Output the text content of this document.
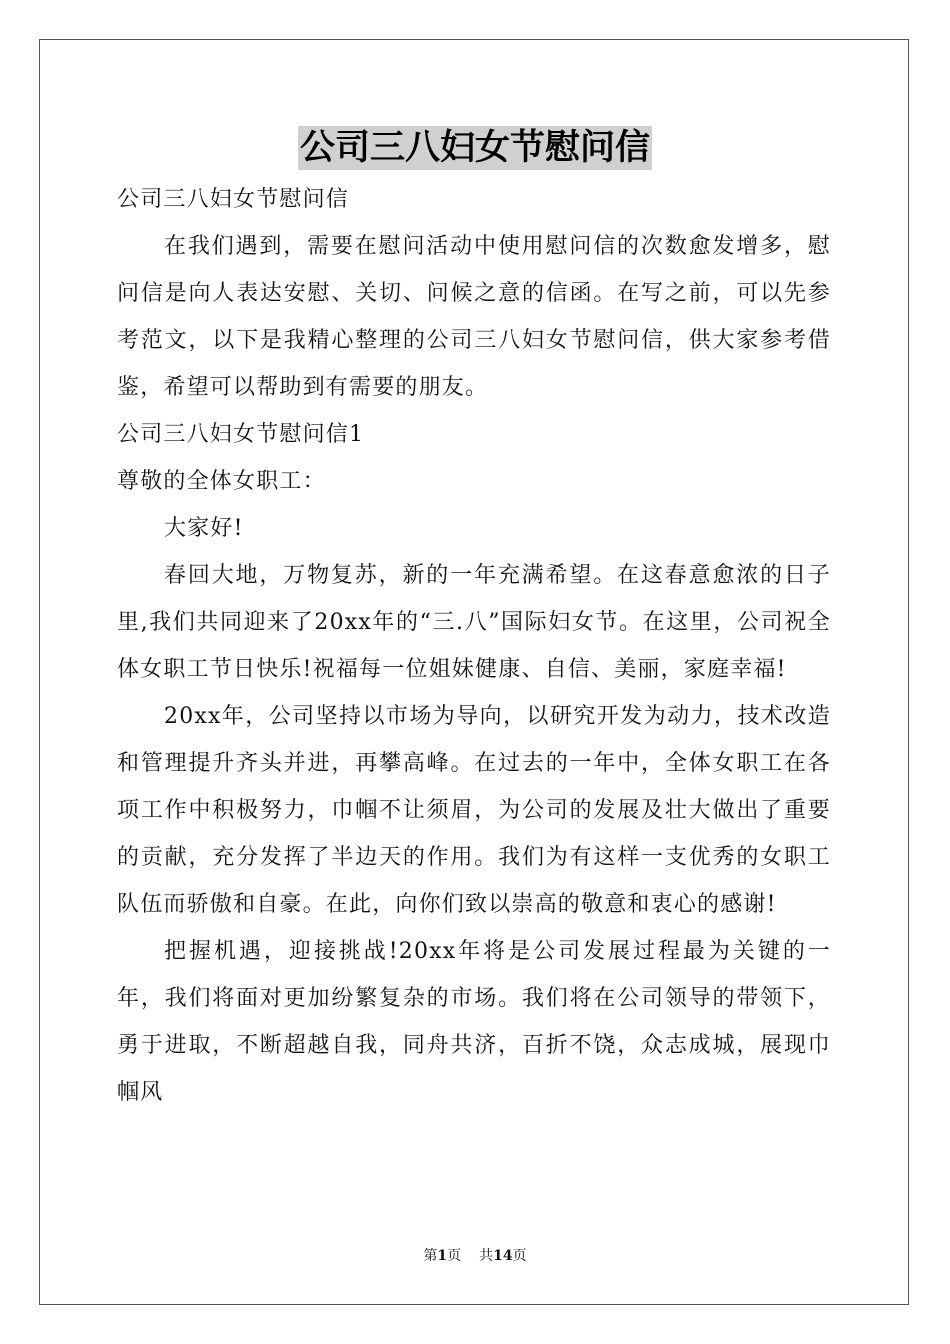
公司三八妇女节慰问信

公司三八妇女节慰问信

在我们遇到，需要在慰问活动中使用慰问信的次数愈发增多，慰问信是向人表达安慰、关切、问候之意的信函。在写之前，可以先参考范文，以下是我精心整理的公司三八妇女节慰问信，供大家参考借鉴，希望可以帮助到有需要的朋友。

公司三八妇女节慰问信1

尊敬的全体女职工：

大家好!

春回大地，万物复苏，新的一年充满希望。在这春意愈浓的日子里,我们共同迎来了20xx年的“三.八”国际妇女节。在这里，公司祝全体女职工节日快乐!祝福每一位姐妹健康、自信、美丽，家庭幸福!

20xx年，公司坚持以市场为导向，以研究开发为动力，技术改造和管理提升齐头并进，再攀高峰。在过去的一年中，全体女职工在各项工作中积极努力，巾帼不让须眉，为公司的发展及壮大做出了重要的贡献，充分发挥了半边天的作用。我们为有这样一支优秀的女职工队伍而骄傲和自豪。在此，向你们致以崇高的敬意和衷心的感谢!

把握机遇，迎接挑战!20xx年将是公司发展过程最为关键的一年，我们将面对更加纷繁复杂的市场。我们将在公司领导的带领下，勇于进取，不断超越自我，同舟共济，百折不饶，众志成城，展现巾帼风

第1页 共14页
